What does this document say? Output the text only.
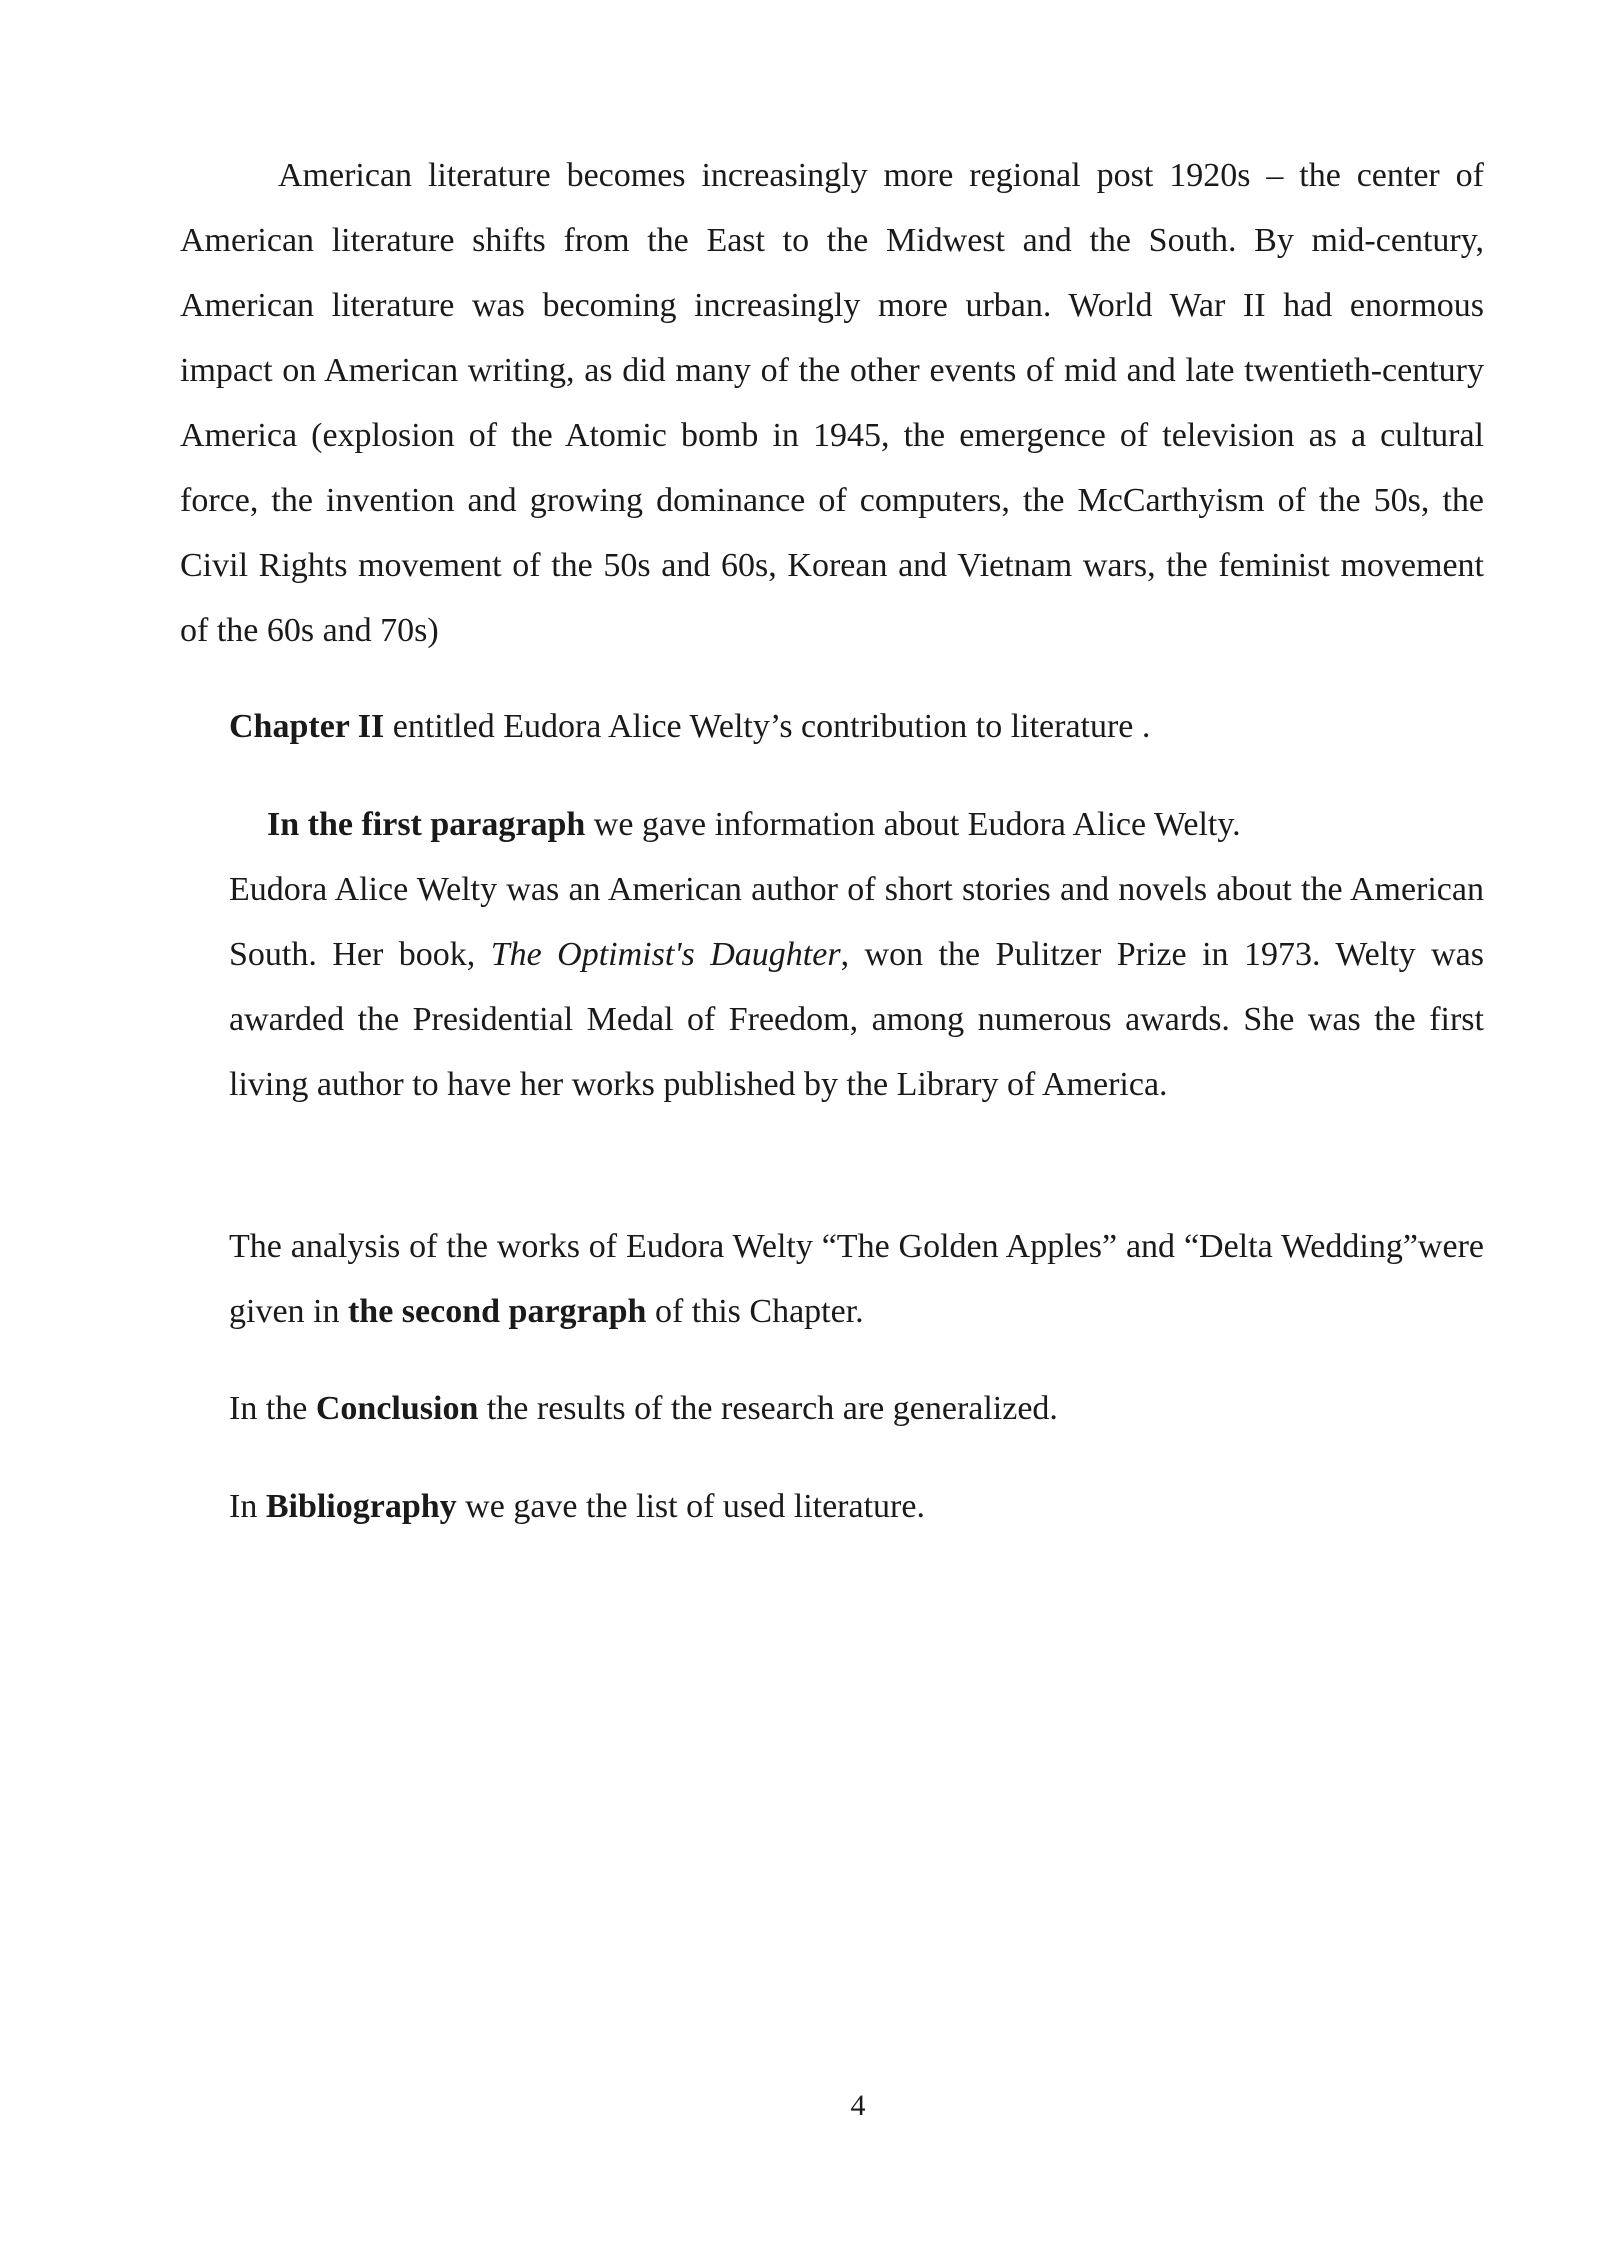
American literature becomes increasingly more regional post 1920s – the center of American literature shifts from the East to the Midwest and the South. By mid-century, American literature was becoming increasingly more urban. World War II had enormous impact on American writing, as did many of the other events of mid and late twentieth-century America (explosion of the Atomic bomb in 1945, the emergence of television as a cultural force, the invention and growing dominance of computers, the McCarthyism of the 50s, the Civil Rights movement of the 50s and 60s, Korean and Vietnam wars, the feminist movement of the 60s and 70s)

Chapter II entitled Eudora Alice Welty’s contribution to literature .

In the first paragraph we gave information about Eudora Alice Welty.
Eudora Alice Welty was an American author of short stories and novels about the American South. Her book, The Optimist's Daughter, won the Pulitzer Prize in 1973. Welty was awarded the Presidential Medal of Freedom, among numerous awards. She was the first living author to have her works published by the Library of America.

The analysis of the works of Eudora Welty “The Golden Apples” and “Delta Wedding”were given in the second pargraph of this Chapter.

In the Conclusion the results of the research are generalized.

In Bibliography we gave the list of used literature.

4
